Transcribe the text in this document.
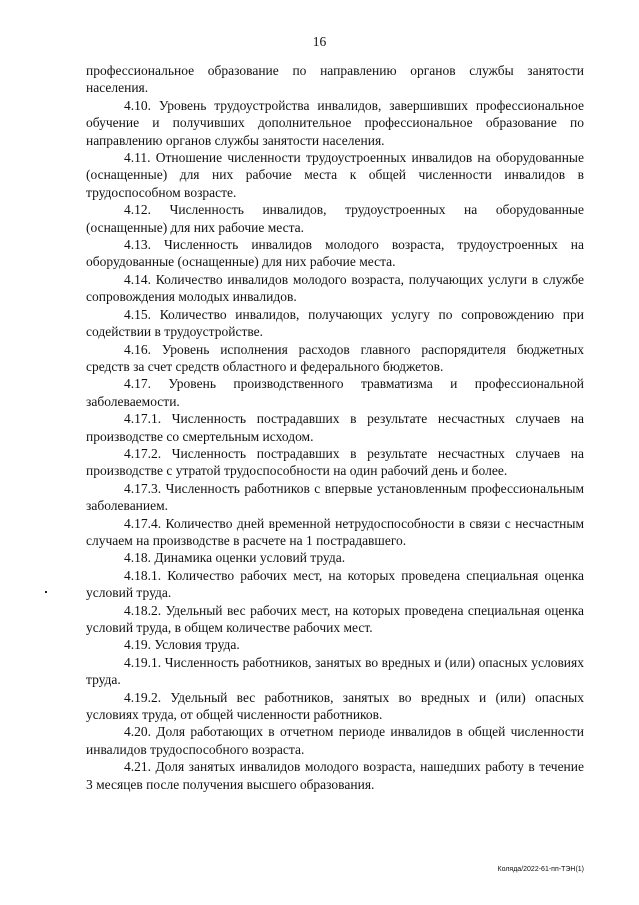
16

профессиональное образование по направлению органов службы занятости населения.

4.10. Уровень трудоустройства инвалидов, завершивших профессиональное обучение и получивших дополнительное профессиональное образование по направлению органов службы занятости населения.

4.11. Отношение численности трудоустроенных инвалидов на оборудованные (оснащенные) для них рабочие места к общей численности инвалидов в трудоспособном возрасте.

4.12. Численность инвалидов, трудоустроенных на оборудованные (оснащенные) для них рабочие места.

4.13. Численность инвалидов молодого возраста, трудоустроенных на оборудованные (оснащенные) для них рабочие места.

4.14. Количество инвалидов молодого возраста, получающих услуги в службе сопровождения молодых инвалидов.

4.15. Количество инвалидов, получающих услугу по сопровождению при содействии в трудоустройстве.

4.16. Уровень исполнения расходов главного распорядителя бюджетных средств за счет средств областного и федерального бюджетов.

4.17. Уровень производственного травматизма и профессиональной заболеваемости.

4.17.1. Численность пострадавших в результате несчастных случаев на производстве со смертельным исходом.

4.17.2. Численность пострадавших в результате несчастных случаев на производстве с утратой трудоспособности на один рабочий день и более.

4.17.3. Численность работников с впервые установленным профессиональным заболеванием.

4.17.4. Количество дней временной нетрудоспособности в связи с несчастным случаем на производстве в расчете на 1 пострадавшего.

4.18. Динамика оценки условий труда.

4.18.1. Количество рабочих мест, на которых проведена специальная оценка условий труда.

4.18.2. Удельный вес рабочих мест, на которых проведена специальная оценка условий труда, в общем количестве рабочих мест.

4.19. Условия труда.

4.19.1. Численность работников, занятых во вредных и (или) опасных условиях труда.

4.19.2. Удельный вес работников, занятых во вредных и (или) опасных условиях труда, от общей численности работников.

4.20. Доля работающих в отчетном периоде инвалидов в общей численности инвалидов трудоспособного возраста.

4.21. Доля занятых инвалидов молодого возраста, нашедших работу в течение 3 месяцев после получения высшего образования.

Коляда/2022-61-пп-ТЭН(1)
